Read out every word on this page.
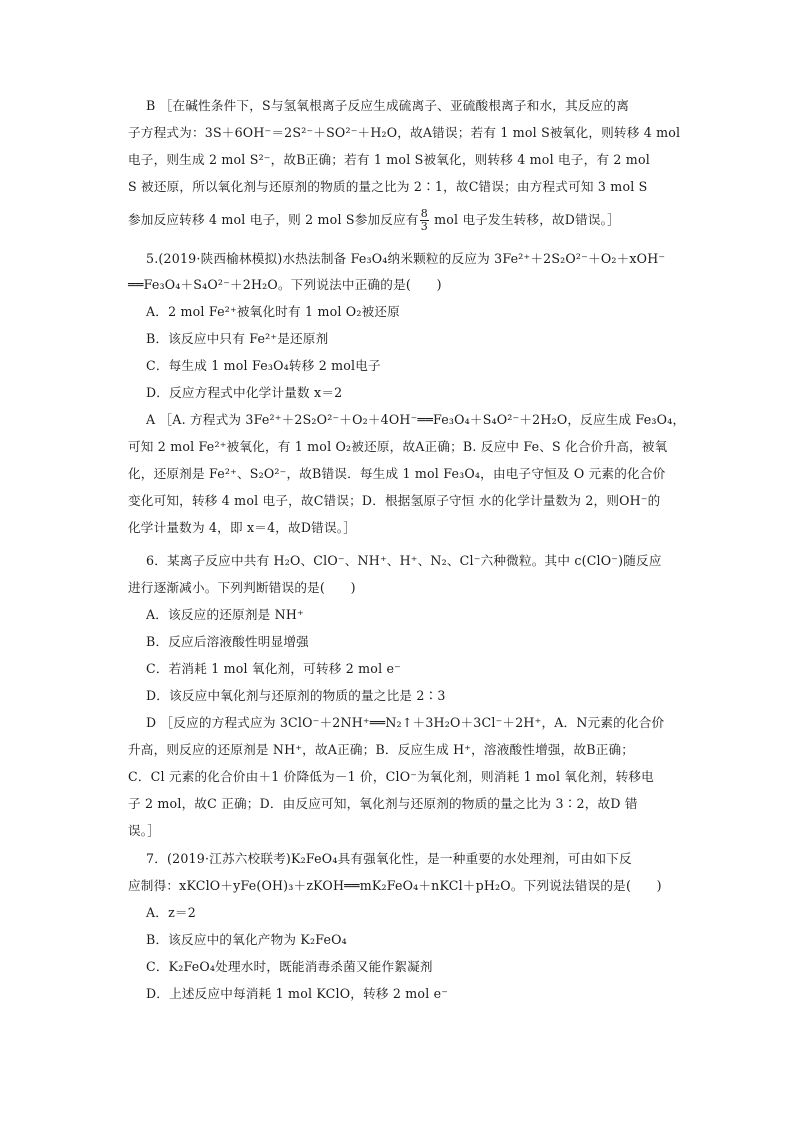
B ［在碱性条件下，S与氢氧根离子反应生成硫离子、亚硫酸根离子和水，其反应的离
子方程式为：3S＋6OH⁻＝2S²⁻＋SO²⁻＋H₂O，故A错误；若有 1 mol S被氧化，则转移 4 mol
电子，则生成 2 mol S²⁻，故B正确；若有 1 mol S被氧化，则转移 4 mol 电子，有 2 mol
S 被还原，所以氧化剂与还原剂的物质的量之比为 2∶1，故C错误；由方程式可知 3 mol S
参加反应转移 4 mol 电子，则 2 mol S参加反应有 $\frac{8}{3}$ mol 电子发生转移，故D错误。］
5.(2019·陕西榆林模拟)水热法制备 Fe₃O₄纳米颗粒的反应为 3Fe²⁺＋2S₂O²⁻＋O₂＋xOH⁻
══Fe₃O₄＋S₄O²⁻＋2H₂O。下列说法中正确的是(　　)
A．2 mol Fe²⁺被氧化时有 1 mol O₂被还原
B．该反应中只有 Fe²⁺是还原剂
C．每生成 1 mol Fe₃O₄转移 2 mol电子
D．反应方程式中化学计量数 x＝2
A ［A. 方程式为 3Fe²⁺＋2S₂O²⁻＋O₂＋4OH⁻══Fe₃O₄＋S₄O²⁻＋2H₂O，反应生成 Fe₃O₄，
可知 2 mol Fe²⁺被氧化，有 1 mol O₂被还原，故A正确；B. 反应中 Fe、S 化合价升高，被氧
化，还原剂是 Fe²⁺、S₂O²⁻，故B错误．每生成 1 mol Fe₃O₄，由电子守恒及 O 元素的化合价
变化可知，转移 4 mol 电子，故C错误；D．根据氢原子守恒 水的化学计量数为 2，则OH⁻的
化学计量数为 4，即 x＝4，故D错误。］
6．某离子反应中共有 H₂O、ClO⁻、NH⁺、H⁺、N₂、Cl⁻六种微粒。其中 c(ClO⁻)随反应
进行逐渐减小。下列判断错误的是(　　)
A．该反应的还原剂是 NH⁺
B．反应后溶液酸性明显增强
C．若消耗 1 mol 氧化剂，可转移 2 mol e⁻
D．该反应中氧化剂与还原剂的物质的量之比是 2∶3
D ［反应的方程式应为 3ClO⁻＋2NH⁺══N₂↑＋3H₂O＋3Cl⁻＋2H⁺，A．N元素的化合价
升高，则反应的还原剂是 NH⁺，故A正确；B．反应生成 H⁺，溶液酸性增强，故B正确；
C．Cl 元素的化合价由＋1 价降低为－1 价，ClO⁻为氧化剂，则消耗 1 mol 氧化剂，转移电
子 2 mol，故C 正确；D．由反应可知，氧化剂与还原剂的物质的量之比为 3∶2，故D 错
误。］
7．(2019·江苏六校联考)K₂FeO₄具有强氧化性，是一种重要的水处理剂，可由如下反
应制得：xKClO＋yFe(OH)₃＋zKOH══mK₂FeO₄＋nKCl＋pH₂O。下列说法错误的是(　　)
A．z＝2
B．该反应中的氧化产物为 K₂FeO₄
C．K₂FeO₄处理水时，既能消毒杀菌又能作絮凝剂
D．上述反应中每消耗 1 mol KClO，转移 2 mol e⁻
